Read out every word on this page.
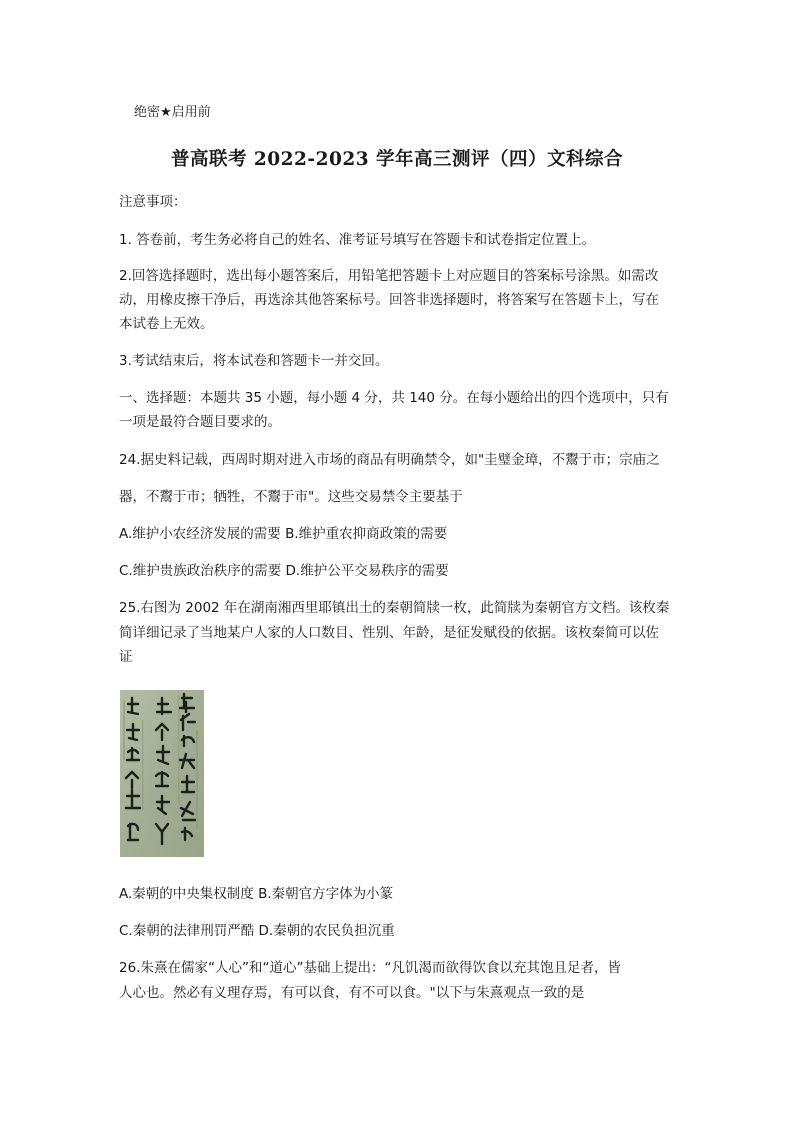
绝密★启用前
普高联考 2022-2023 学年高三测评（四）文科综合
注意事项：
1. 答卷前，考生务必将自己的姓名、准考证号填写在答题卡和试卷指定位置上。
2.回答选择题时，选出每小题答案后，用铅笔把答题卡上对应题目的答案标号涂黑。如需改
动，用橡皮擦干净后，再选涂其他答案标号。回答非选择题时，将答案写在答题卡上，写在
本试卷上无效。
3.考试结束后，将本试卷和答题卡一并交回。
一、选择题：本题共 35 小题，每小题 4 分，共 140 分。在每小题给出的四个选项中，只有
一项是最符合题目要求的。
24.据史料记载，西周时期对进入市场的商品有明确禁令，如"圭璧金璋，不鬻于市；宗庙之
器，不鬻于市；牺牲，不鬻于市"。这些交易禁令主要基于
A.维护小农经济发展的需要 B.维护重农抑商政策的需要
C.维护贵族政治秩序的需要 D.维护公平交易秩序的需要
25.右图为 2002 年在湖南湘西里耶镇出土的秦朝简牍一枚，此简牍为秦朝官方文档。该枚秦
简详细记录了当地某户人家的人口数目、性别、年龄，是征发赋役的依据。该枚秦简可以佐
证
A.秦朝的中央集权制度 B.秦朝官方字体为小篆
C.秦朝的法律刑罚严酷 D.秦朝的农民负担沉重
26.朱熹在儒家“人心”和“道心”基础上提出：“凡饥渴而欲得饮食以充其饱且足者，皆
人心也。然必有义理存焉，有可以食，有不可以食。"以下与朱熹观点一致的是
